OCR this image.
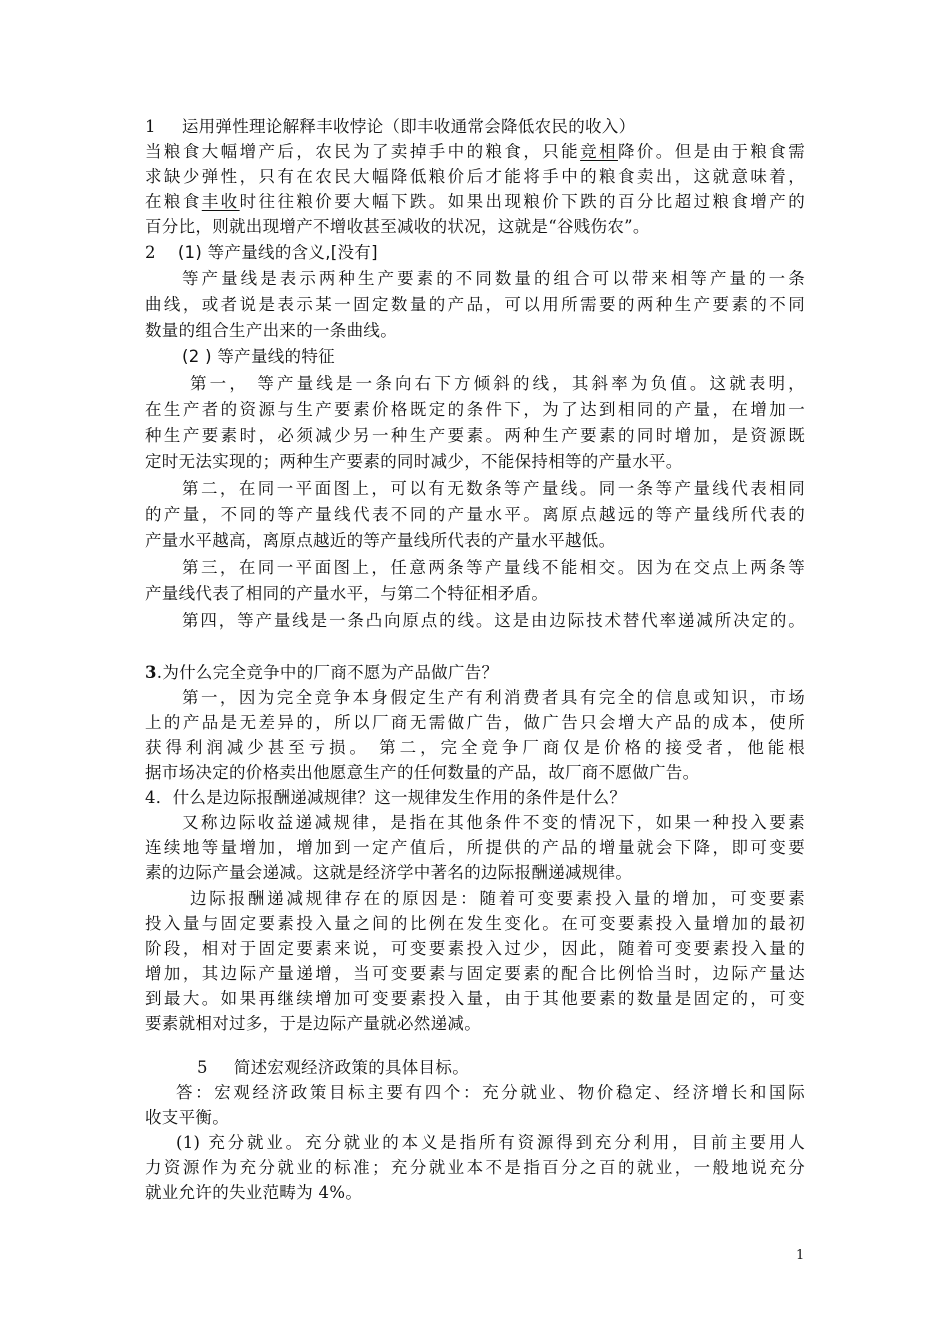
1 运用弹性理论解释丰收悖论（即丰收通常会降低农民的收入）
当粮食大幅增产后，农民为了卖掉手中的粮食，只能竞相降价。但是由于粮食需
求缺少弹性，只有在农民大幅降低粮价后才能将手中的粮食卖出，这就意味着，
在粮食丰收时往往粮价要大幅下跌。如果出现粮价下跌的百分比超过粮食增产的
百分比，则就出现增产不增收甚至减收的状况，这就是“谷贱伤农”。
2 (1) 等产量线的含义,[没有]
等产量线是表示两种生产要素的不同数量的组合可以带来相等产量的一条
曲线，或者说是表示某一固定数量的产品，可以用所需要的两种生产要素的不同
数量的组合生产出来的一条曲线。
(2 ) 等产量线的特征
第一， 等产量线是一条向右下方倾斜的线，其斜率为负值。这就表明，
在生产者的资源与生产要素价格既定的条件下，为了达到相同的产量，在增加一
种生产要素时，必须减少另一种生产要素。两种生产要素的同时增加，是资源既
定时无法实现的；两种生产要素的同时减少，不能保持相等的产量水平。
第二，在同一平面图上，可以有无数条等产量线。同一条等产量线代表相同
的产量，不同的等产量线代表不同的产量水平。离原点越远的等产量线所代表的
产量水平越高，离原点越近的等产量线所代表的产量水平越低。
第三，在同一平面图上，任意两条等产量线不能相交。因为在交点上两条等
产量线代表了相同的产量水平，与第二个特征相矛盾。
第四，等产量线是一条凸向原点的线。这是由边际技术替代率递减所决定的。
3.为什么完全竞争中的厂商不愿为产品做广告？
第一，因为完全竞争本身假定生产有利消费者具有完全的信息或知识，市场
上的产品是无差异的，所以厂商无需做广告，做广告只会增大产品的成本，使所
获得利润减少甚至亏损。 第二，完全竞争厂商仅是价格的接受者，他能根
据市场决定的价格卖出他愿意生产的任何数量的产品，故厂商不愿做广告。
4．什么是边际报酬递减规律？这一规律发生作用的条件是什么？
又称边际收益递减规律，是指在其他条件不变的情况下，如果一种投入要素
连续地等量增加，增加到一定产值后，所提供的产品的增量就会下降，即可变要
素的边际产量会递减。这就是经济学中著名的边际报酬递减规律。
边际报酬递减规律存在的原因是：随着可变要素投入量的增加，可变要素
投入量与固定要素投入量之间的比例在发生变化。在可变要素投入量增加的最初
阶段，相对于固定要素来说，可变要素投入过少，因此，随着可变要素投入量的
增加，其边际产量递增，当可变要素与固定要素的配合比例恰当时，边际产量达
到最大。如果再继续增加可变要素投入量，由于其他要素的数量是固定的，可变
要素就相对过多，于是边际产量就必然递减。
5 简述宏观经济政策的具体目标。
答：宏观经济政策目标主要有四个：充分就业、物价稳定、经济增长和国际
收支平衡。
(1) 充分就业。充分就业的本义是指所有资源得到充分利用，目前主要用人
力资源作为充分就业的标准；充分就业本不是指百分之百的就业，一般地说充分
就业允许的失业范畴为 4%。
1
